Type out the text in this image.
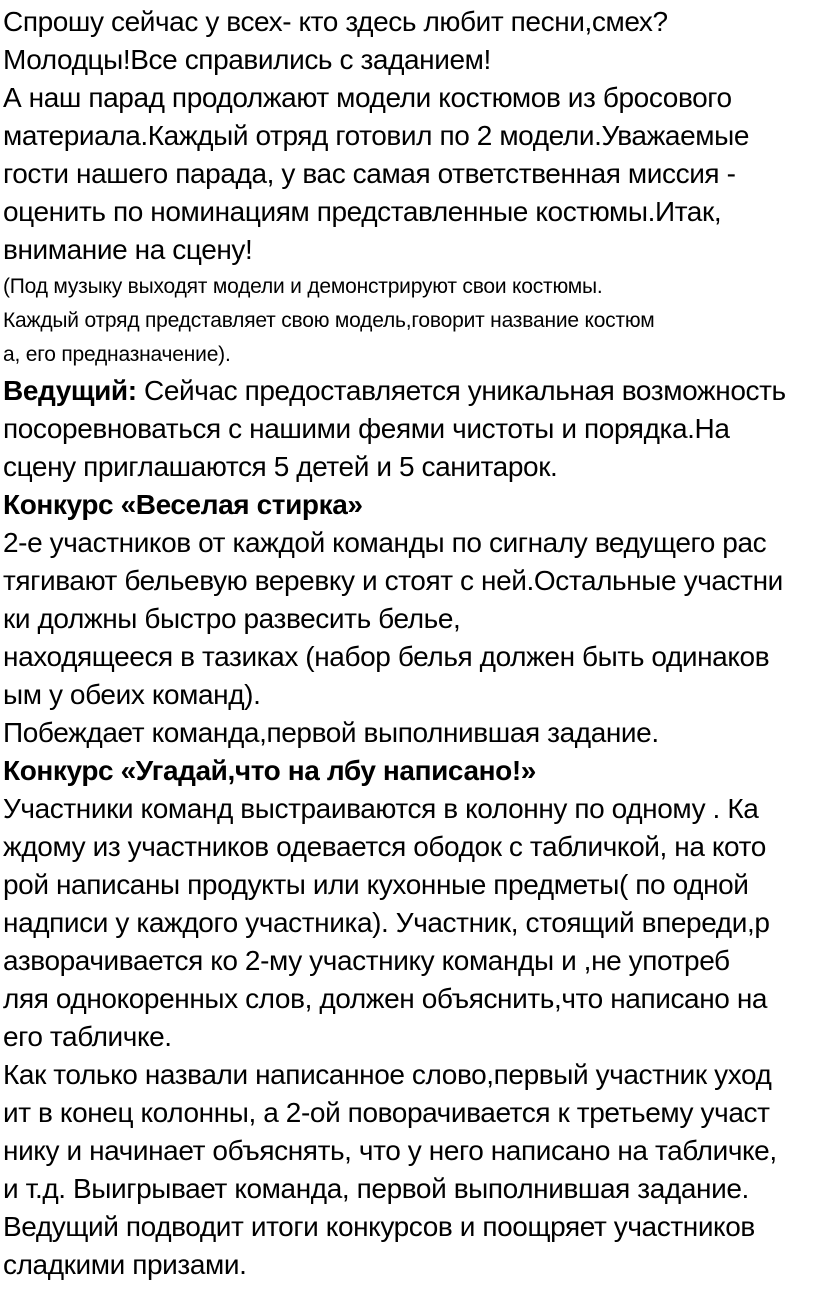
Спрошу сейчас у всех- кто здесь любит песни,смех?
Молодцы!Все справились с заданием!
А наш парад продолжают модели костюмов из бросового
материала.Каждый отряд готовил по 2 модели.Уважаемые
гости нашего парада, у вас самая ответственная миссия -
оценить по номинациям представленные костюмы.Итак,
внимание на сцену!
(Под музыку выходят модели и демонстрируют свои костюмы.
Каждый отряд представляет свою модель,говорит название костюм
а, его предназначение).
Ведущий: Сейчас предоставляется уникальная возможность
посоревноваться с нашими феями чистоты и порядка.На
сцену приглашаются 5 детей и 5 санитарок.
Конкурс «Веселая стирка»
2-е участников от каждой команды по сигналу ведущего рас
тягивают бельевую веревку и стоят с ней.Остальные участни
ки должны быстро развесить белье,
находящееся в тазиках (набор белья должен быть одинаков
ым у обеих команд).
Побеждает команда,первой выполнившая задание.
Конкурс «Угадай,что на лбу написано!»
Участники команд выстраиваются в колонну по одному . Ка
ждому из участников одевается ободок с табличкой, на кото
рой написаны продукты или кухонные предметы( по одной
надписи у каждого участника). Участник, стоящий впереди,р
азворачивается ко 2-му участнику команды и ,не употреб
ляя однокоренных слов, должен объяснить,что написано на
его табличке.
Как только назвали написанное слово,первый участник уход
ит в конец колонны, а 2-ой поворачивается к третьему участ
нику и начинает объяснять, что у него написано на табличке,
и т.д. Выигрывает команда, первой выполнившая задание.
Ведущий подводит итоги конкурсов и поощряет участников
сладкими призами.
